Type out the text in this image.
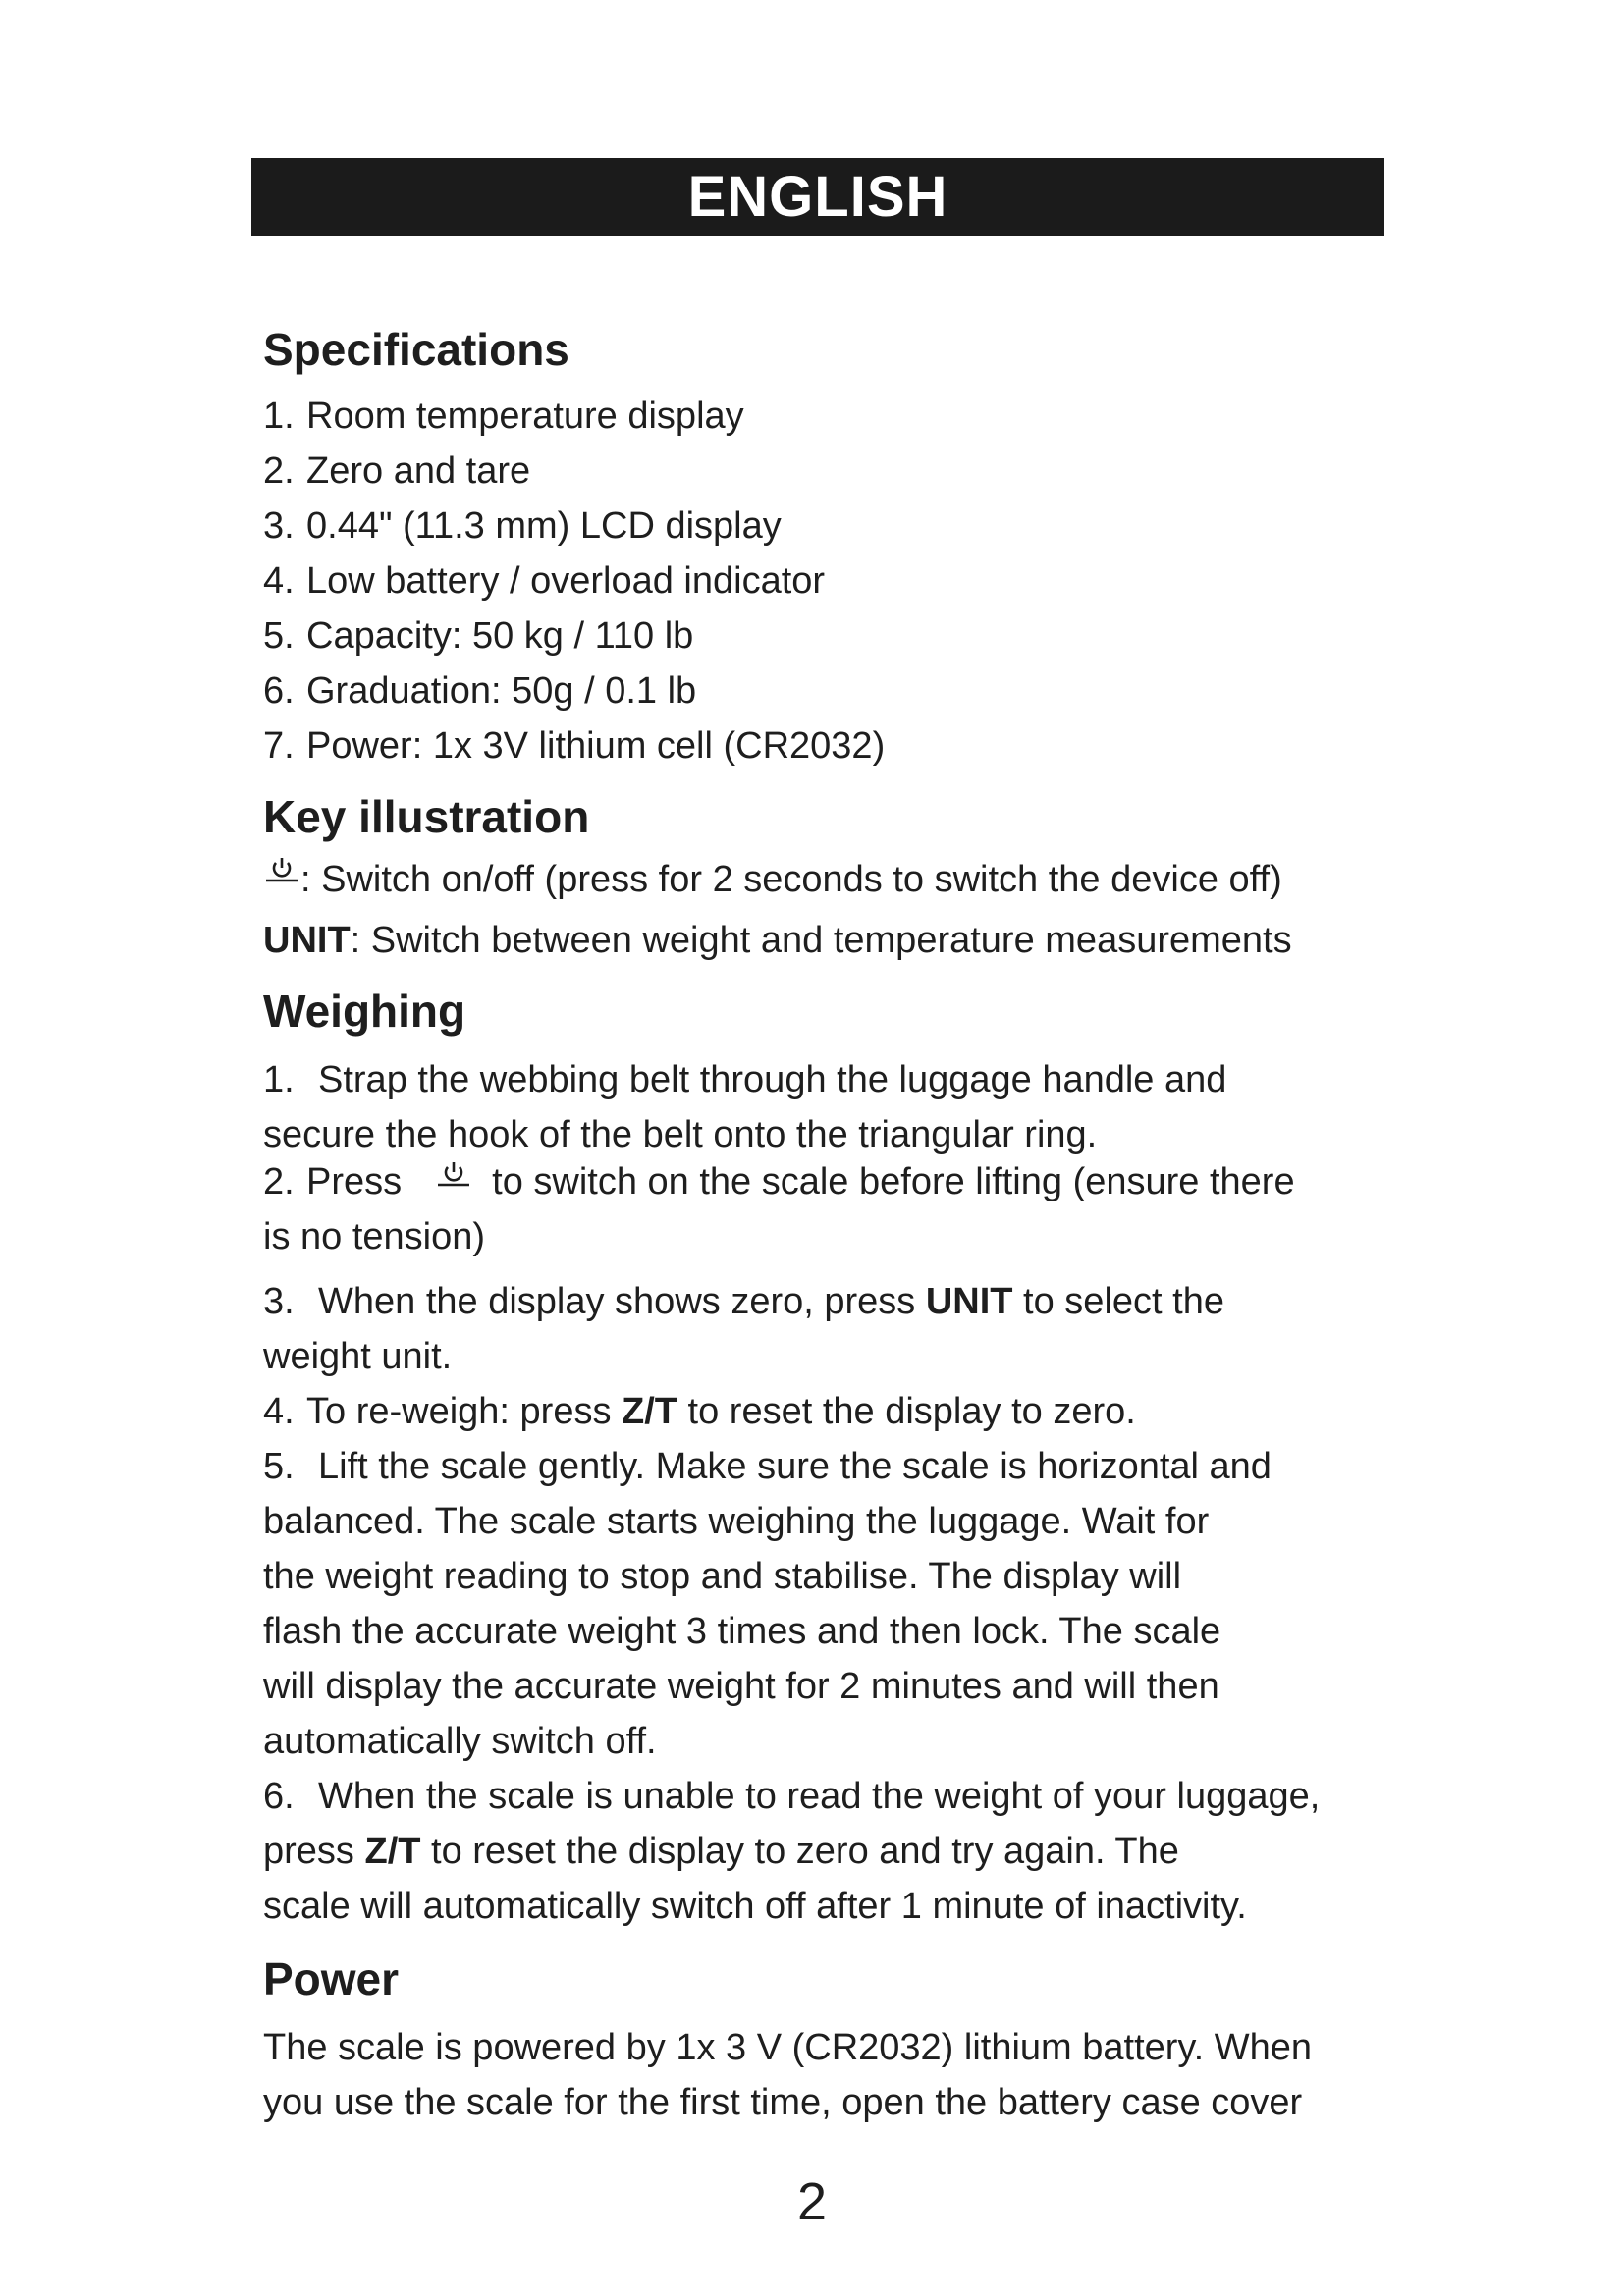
ENGLISH
Specifications
1. Room temperature display
2. Zero and tare
3. 0.44" (11.3 mm) LCD display
4. Low battery / overload indicator
5. Capacity: 50 kg / 110 lb
6. Graduation: 50g / 0.1 lb
7. Power: 1x 3V lithium cell (CR2032)
Key illustration
: Switch on/off (press for 2 seconds to switch the device off)
UNIT : Switch between weight and temperature measurements
Weighing
1. Strap the webbing belt through the luggage handle and
secure the hook of the belt onto the triangular ring.
2. Press to switch on the scale before lifting (ensure there
is no tension)
3. When the display shows zero, press UNIT to select the
weight unit.
4. To re-weigh: press Z/T to reset the display to zero.
5. Lift the scale gently. Make sure the scale is horizontal and
balanced. The scale starts weighing the luggage. Wait for
the weight reading to stop and stabilise. The display will
flash the accurate weight 3 times and then lock. The scale
will display the accurate weight for 2 minutes and will then
automatically switch off.
6. When the scale is unable to read the weight of your luggage,
press Z/T to reset the display to zero and try again. The
scale will automatically switch off after 1 minute of inactivity.
Power
The scale is powered by 1x 3 V (CR2032) lithium battery. When
you use the scale for the first time, open the battery case cover
2
